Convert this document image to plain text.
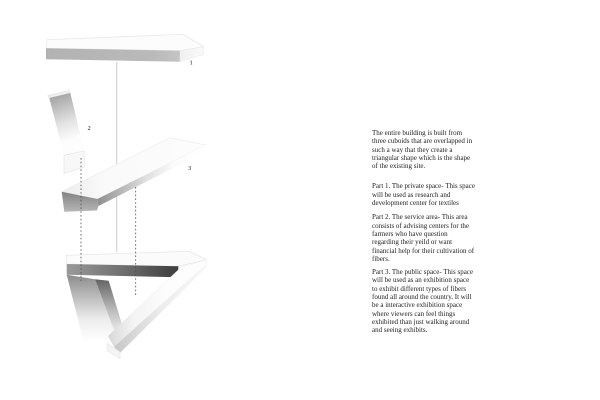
1
2
3

The entire building is built from three cuboids that are overlapped in such a way that they create a triangular shape which is the shape of the existing site.

Part 1. The private space- This space will be used as research and development center for textiles

Part 2. The service area- This area consists of advising centers for the farmers who have question regarding their yeild or want financial help for their cultivation of fibers.

Part 3. The public space- This space will be used as an exhibition space to exhibit different types of fibers found all around the country. It will be a interactive exhibition space where viewers can feel things exhibited than just walking around and seeing exhibits.
